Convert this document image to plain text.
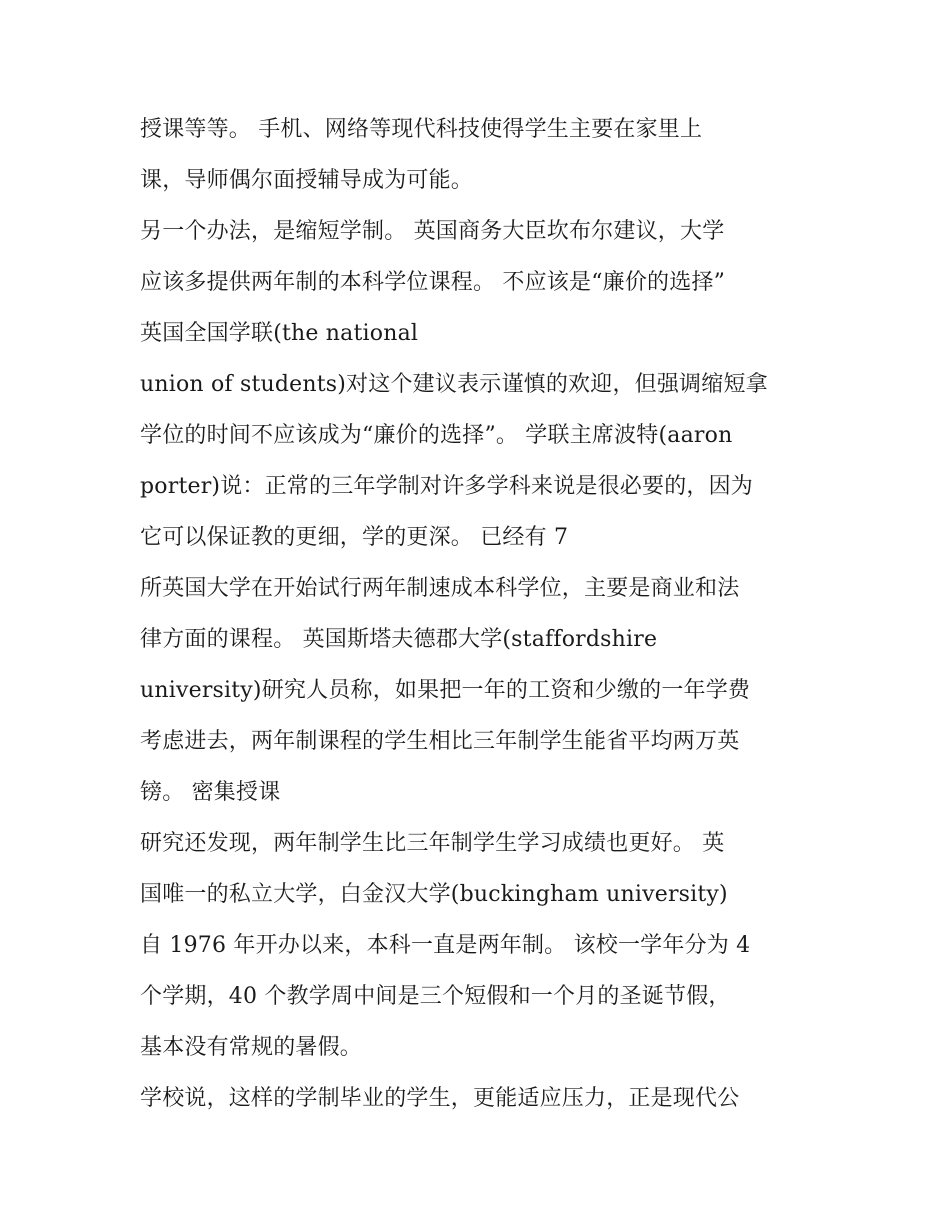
授课等等。 手机、网络等现代科技使得学生主要在家里上
课，导师偶尔面授辅导成为可能。
另一个办法，是缩短学制。 英国商务大臣坎布尔建议，大学
应该多提供两年制的本科学位课程。 不应该是“廉价的选择”
英国全国学联(the national
union of students)对这个建议表示谨慎的欢迎，但强调缩短拿
学位的时间不应该成为“廉价的选择”。 学联主席波特(aaron
porter)说：正常的三年学制对许多学科来说是很必要的，因为
它可以保证教的更细，学的更深。 已经有 7
所英国大学在开始试行两年制速成本科学位，主要是商业和法
律方面的课程。 英国斯塔夫德郡大学(staffordshire
university)研究人员称，如果把一年的工资和少缴的一年学费
考虑进去，两年制课程的学生相比三年制学生能省平均两万英
镑。 密集授课
研究还发现，两年制学生比三年制学生学习成绩也更好。 英
国唯一的私立大学，白金汉大学(buckingham university)
自 1976 年开办以来，本科一直是两年制。 该校一学年分为 4
个学期，40 个教学周中间是三个短假和一个月的圣诞节假，
基本没有常规的暑假。
学校说，这样的学制毕业的学生，更能适应压力，正是现代公
